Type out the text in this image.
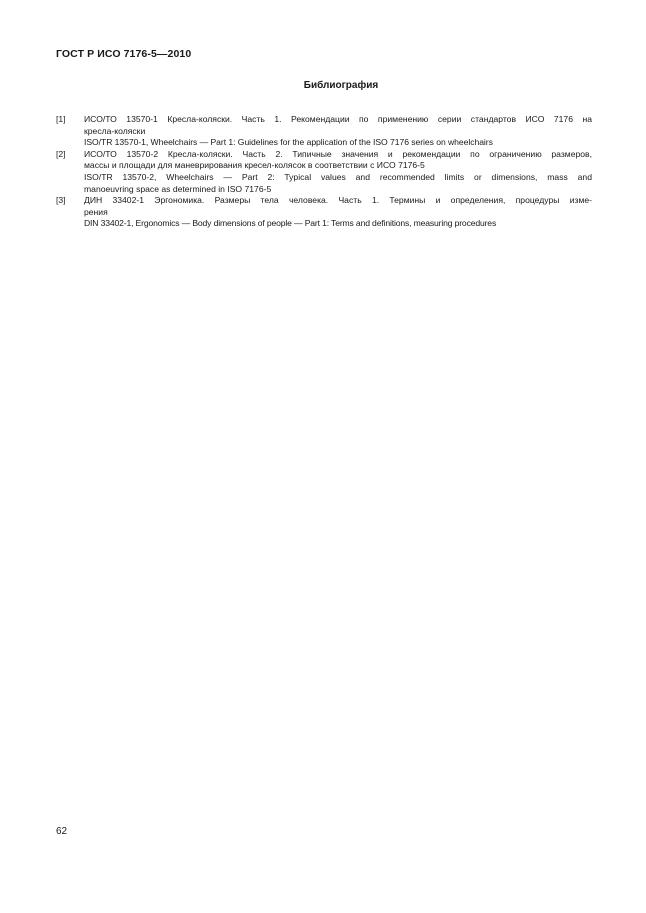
ГОСТ Р ИСО 7176-5—2010
Библиография
[1]	ИСО/ТО 13570-1 Кресла-коляски. Часть 1. Рекомендации по применению серии стандартов ИСО 7176 на
кресла-коляски
ISO/TR 13570-1, Wheelchairs — Part 1: Guidelines for the application of the ISO 7176 series on wheelchairs
[2]	ИСО/ТО 13570-2 Кресла-коляски. Часть 2. Типичные значения и рекомендации по ограничению размеров,
массы и площади для маневрирования кресел-колясок в соответствии с ИСО 7176-5
ISO/TR 13570-2, Wheelchairs — Part 2: Typical values and recommended limits or dimensions, mass and
manoeuvring space as determined in ISO 7176-5
[3]	ДИН 33402-1 Эргономика. Размеры тела человека. Часть 1. Термины и определения, процедуры изме-
рения
DIN 33402-1, Ergonomics — Body dimensions of people — Part 1: Terms and definitions, measuring procedures
62
